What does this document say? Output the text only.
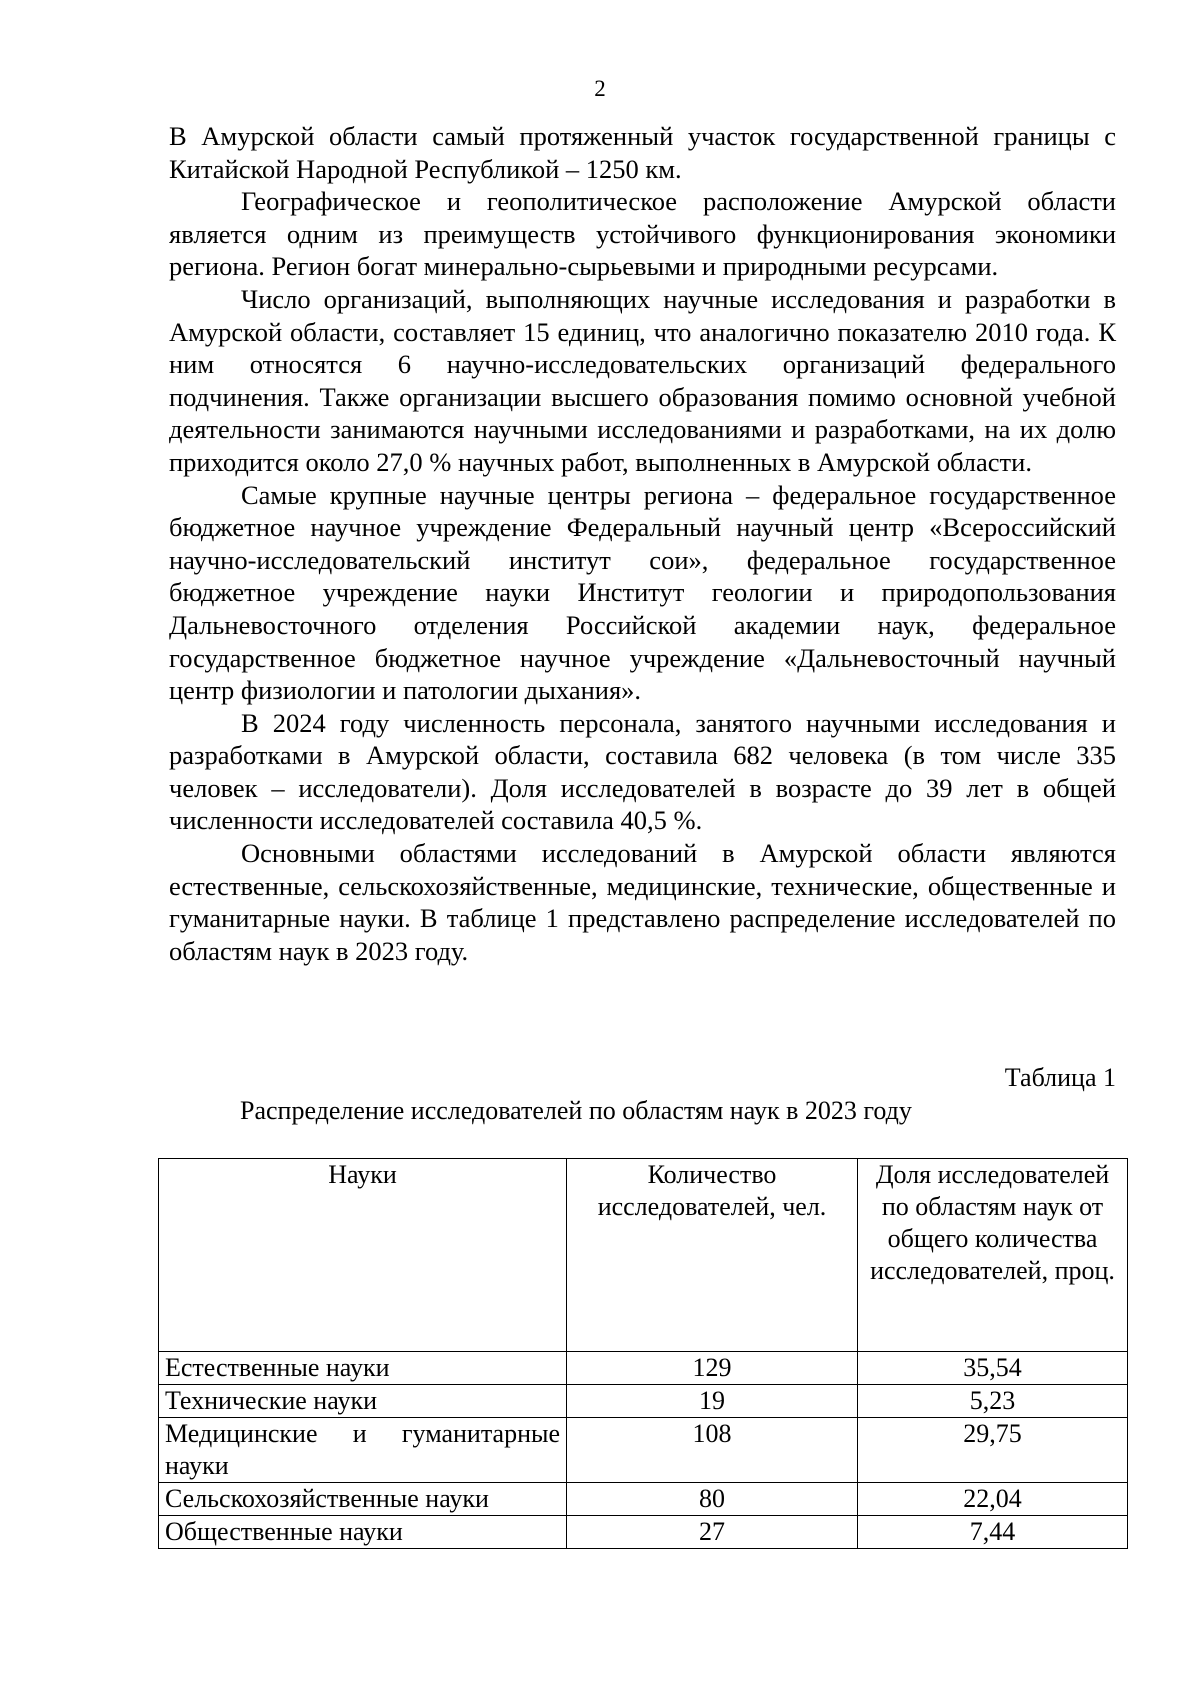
2

В Амурской области самый протяженный участок государственной границы с Китайской Народной Республикой – 1250 км.

Географическое и геополитическое расположение Амурской области является одним из преимуществ устойчивого функционирования экономики региона. Регион богат минерально-сырьевыми и природными ресурсами.

Число организаций, выполняющих научные исследования и разработки в Амурской области, составляет 15 единиц, что аналогично показателю 2010 года. К ним относятся 6 научно-исследовательских организаций федерального подчинения. Также организации высшего образования помимо основной учебной деятельности занимаются научными исследованиями и разработками, на их долю приходится около 27,0 % научных работ, выполненных в Амурской области.

Самые крупные научные центры региона – федеральное государственное бюджетное научное учреждение Федеральный научный центр «Всероссийский научно-исследовательский институт сои», федеральное государственное бюджетное учреждение науки Институт геологии и природопользования Дальневосточного отделения Российской академии наук, федеральное государственное бюджетное научное учреждение «Дальневосточный научный центр физиологии и патологии дыхания».

В 2024 году численность персонала, занятого научными исследования и разработками в Амурской области, составила 682 человека (в том числе 335 человек – исследователи). Доля исследователей в возрасте до 39 лет в общей численности исследователей составила 40,5 %.

Основными областями исследований в Амурской области являются естественные, сельскохозяйственные, медицинские, технические, общественные и гуманитарные науки. В таблице 1 представлено распределение исследователей по областям наук в 2023 году.

Таблица 1
Распределение исследователей по областям наук в 2023 году
Науки	Количество исследователей, чел.	Доля исследователей по областям наук от общего количества исследователей, проц.
Естественные науки	129	35,54
Технические науки	19	5,23
Медицинские и гуманитарные науки	108	29,75
Сельскохозяйственные науки	80	22,04
Общественные науки	27	7,44
